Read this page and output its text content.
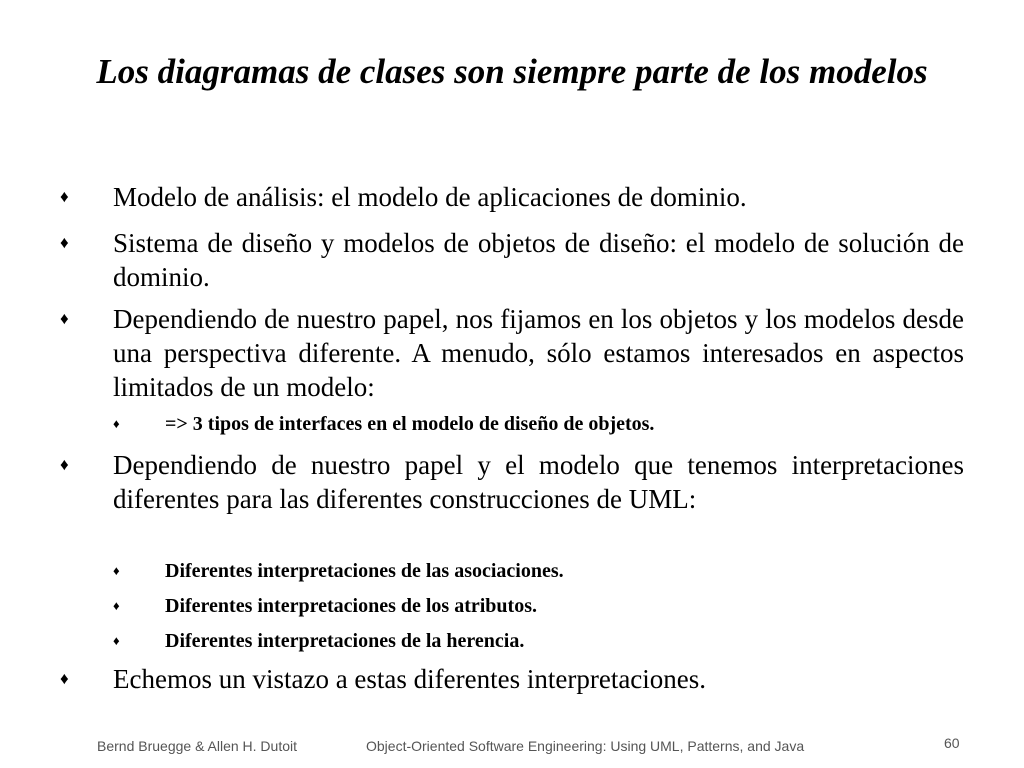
Los diagramas de clases son siempre parte de los modelos
♦ Modelo de análisis: el modelo de aplicaciones de dominio.
♦ Sistema de diseño y modelos de objetos de diseño: el modelo de solución de dominio.
♦ Dependiendo de nuestro papel, nos fijamos en los objetos y los modelos desde una perspectiva diferente. A menudo, sólo estamos interesados en aspectos limitados de un modelo:
♦ => 3 tipos de interfaces en el modelo de diseño de objetos.
♦ Dependiendo de nuestro papel y el modelo que tenemos interpretaciones diferentes para las diferentes construcciones de UML:
♦ Diferentes interpretaciones de las asociaciones.
♦ Diferentes interpretaciones de los atributos.
♦ Diferentes interpretaciones de la herencia.
♦ Echemos un vistazo a estas diferentes interpretaciones.
Bernd Bruegge & Allen H. Dutoit	Object-Oriented Software Engineering: Using UML, Patterns, and Java	60
